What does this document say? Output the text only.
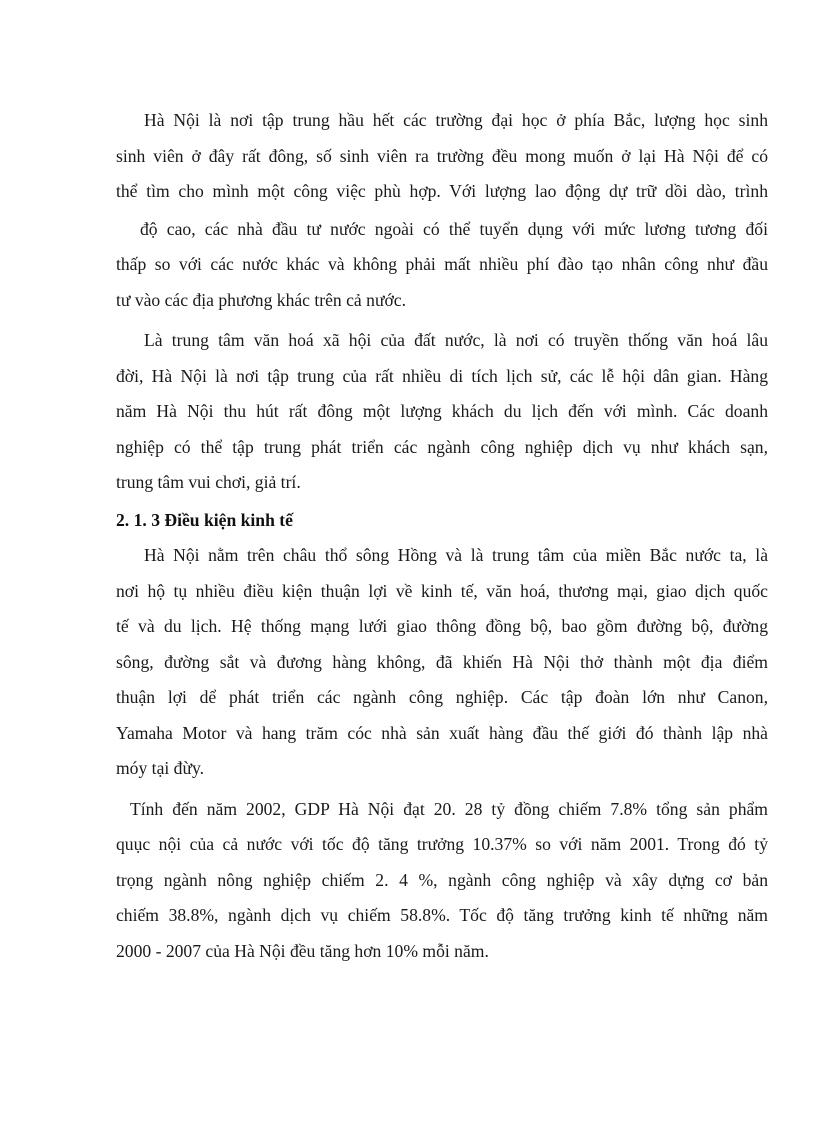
Hà Nội là nơi tập trung hầu hết các trường đại học ở phía Bắc, lượng học sinh
sinh viên ở đây rất đông, số sinh viên ra trường đều mong muốn ở lại Hà Nội để có
thể tìm cho mình một công việc phù hợp. Với lượng lao động dự trữ dồi dào, trình
độ cao, các nhà đầu tư nước ngoài có thể tuyển dụng với mức lương tương đối
thấp so với các nước khác và không phải mất nhiều phí đào tạo nhân công như đầu
tư vào các địa phương khác trên cả nước.
Là trung tâm văn hoá xã hội của đất nước, là nơi có truyền thống văn hoá lâu
đời, Hà Nội là nơi tập trung của rất nhiều di tích lịch sử, các lễ hội dân gian. Hàng
năm Hà Nội thu hút rất đông một lượng khách du lịch đến với mình. Các doanh
nghiệp có thể tập trung phát triển các ngành công nghiệp dịch vụ như khách sạn,
trung tâm vui chơi, giả trí.
2. 1. 3 Điều kiện kinh tế
Hà Nội nằm trên châu thổ sông Hồng và là trung tâm của miền Bắc nước ta, là
nơi hộ tụ nhiều điều kiện thuận lợi về kinh tế, văn hoá, thương mại, giao dịch quốc
tế và du lịch. Hệ thống mạng lưới giao thông đồng bộ, bao gồm đường bộ, đường
sông, đường sắt và đương hàng không, đã khiến Hà Nội thở thành một địa điểm
thuận lợi dể phát triển các ngành công nghiệp. Các tập đoàn lớn như Canon,
Yamaha Motor và hang trăm cóc nhà sản xuất hàng đầu thế giới đó thành lập nhà
móy tại đừy.
Tính đến năm 2002, GDP Hà Nội đạt 20. 28 tỷ đồng chiếm 7.8% tổng sản phẩm
quục nội của cả nước với tốc độ tăng trưởng 10.37% so với năm 2001. Trong đó tỷ
trọng ngành nông nghiệp chiếm 2. 4 %, ngành công nghiệp và xây dựng cơ bản
chiếm 38.8%, ngành dịch vụ chiếm 58.8%. Tốc độ tăng trưởng kinh tế những năm
2000 - 2007 của Hà Nội đều tăng hơn 10% mỗi năm.
